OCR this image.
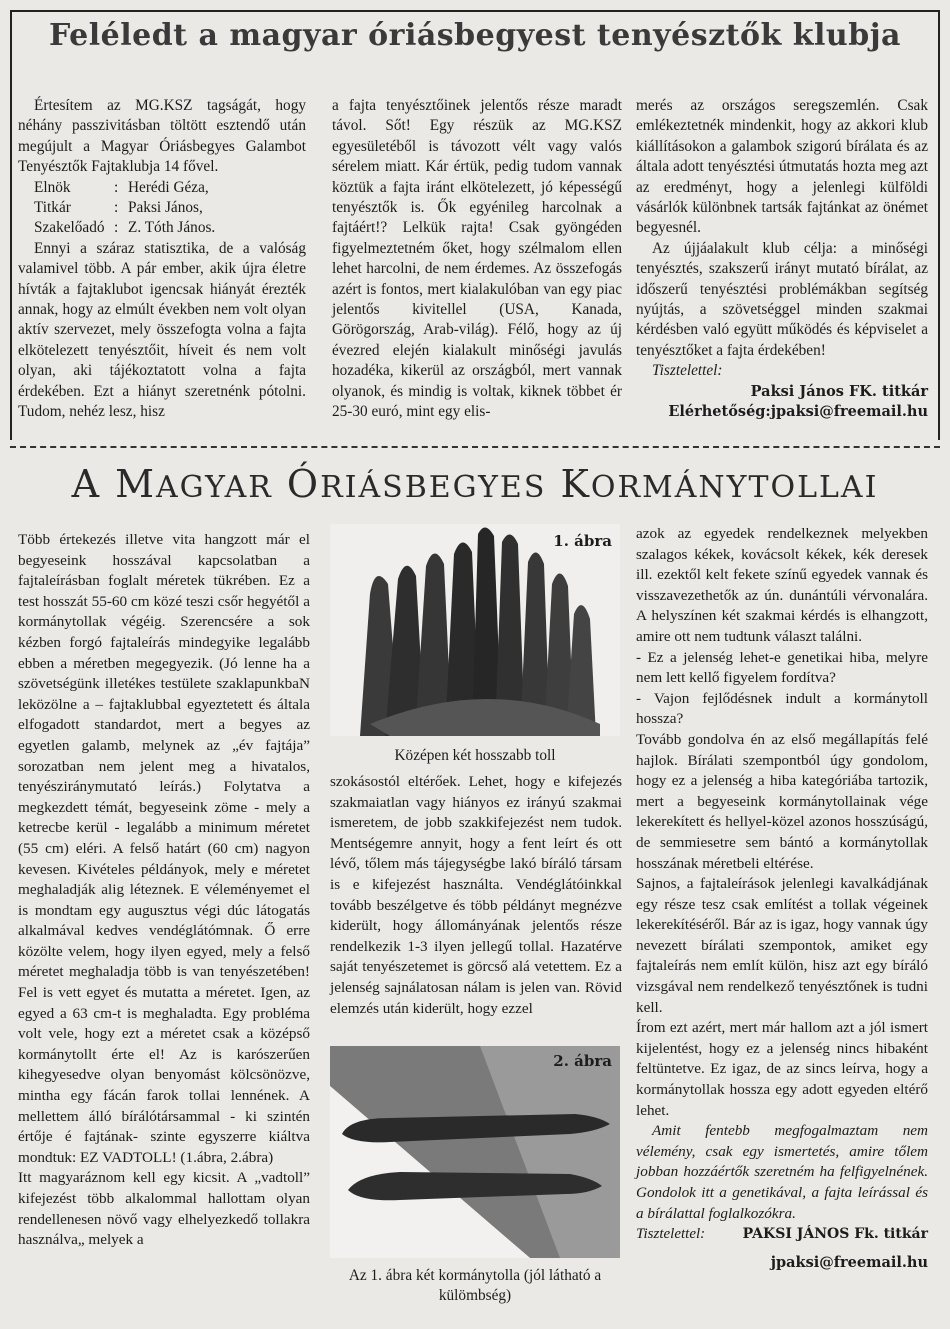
Feléledt a magyar óriásbegyest tenyésztők klubja

Értesítem az MG.KSZ tagságát, hogy néhány passzivitásban töltött esztendő után megújult a Magyar Óriásbegyes Galambot Tenyésztők Fajtaklubja 14 fővel.

Elnök	: Herédi Géza,
Titkár	: Paksi János,
Szakelőadó : Z. Tóth János.

Ennyi a száraz statisztika, de a valóság valamivel több. A pár ember, akik újra életre hívták a fajtaklubot igencsak hiányát érezték annak, hogy az elmúlt években nem volt olyan aktív szervezet, mely összefogta volna a fajta elkötelezett tenyésztőit, híveit és nem volt olyan, aki tájékoztatott volna a fajta érdekében. Ezt a hiányt szeretnénk pótolni. Tudom, nehéz lesz, hisz

a fajta tenyésztőinek jelentős része maradt távol. Sőt! Egy részük az MG.KSZ egyesületéből is távozott vélt vagy valós sérelem miatt. Kár értük, pedig tudom vannak köztük a fajta iránt elkötelezett, jó képességű tenyésztők is. Ők egyénileg harcolnak a fajtáért!? Lelkük rajta! Csak gyöngéden figyelmeztetném őket, hogy szélmalom ellen lehet harcolni, de nem érdemes. Az összefogás azért is fontos, mert kialakulóban van egy piac jelentős kivitellel (USA, Kanada, Görögország, Arab-világ). Félő, hogy az új évezred elején kialakult minőségi javulás hozadéka, kikerül az országból, mert vannak olyanok, és mindig is voltak, kiknek többet ér 25-30 euró, mint egy elis-

merés az országos seregszemlén. Csak emlékeztetnék mindenkit, hogy az akkori klub kiállításokon a galambok szigorú bírálata és az általa adott tenyésztési útmutatás hozta meg azt az eredményt, hogy a jelenlegi külföldi vásárlók különbnek tartsák fajtánkat az önémet begyesnél.

Az újjáalakult klub célja: a minőségi tenyésztés, szakszerű irányt mutató bírálat, az időszerű tenyésztési problémákban segítség nyújtás, a szövetséggel minden szakmai kérdésben való együtt működés és képviselet a tenyésztőket a fajta érdekében!

Tisztelettel:

Paksi János FK. titkár

Elérhetőség:jpaksi@freemail.hu

A MAGYAR ÓRIÁSBEGYES KORMÁNYTOLLAI

Több értekezés illetve vita hangzott már el begyeseink hosszával kapcsolatban a fajtaleírásban foglalt méretek tükrében. Ez a test hosszát 55-60 cm közé teszi csőr hegyétől a kormánytollak végéig. Szerencsére a sok kézben forgó fajtaleírás mindegyike legalább ebben a méretben megegyezik. (Jó lenne ha a szövetségünk illetékes testülete szaklapunkbaN leközölne a – fajtaklubbal egyeztetett és általa elfogadott standardot, mert a begyes az egyetlen galamb, melynek az „év fajtája” sorozatban nem jelent meg a hivatalos, tenyésziránymutató leírás.) Folytatva a megkezdett témát, begyeseink zöme - mely a ketrecbe kerül - legalább a minimum méretet (55 cm) eléri. A felső határt (60 cm) nagyon kevesen. Kivételes példányok, mely e méretet meghaladják alig léteznek. E véleményemet el is mondtam egy augusztus végi dúc látogatás alkalmával kedves vendéglátómnak. Ő erre közölte velem, hogy ilyen egyed, mely a felső méretet meghaladja több is van tenyészetében! Fel is vett egyet és mutatta a méretet. Igen, az egyed a 63 cm-t is meghaladta. Egy probléma volt vele, hogy ezt a méretet csak a középső kormánytollt érte el! Az is karószerűen kihegyesedve olyan benyomást kölcsönözve, mintha egy fácán farok tollai lennének. A mellettem álló bírálótársammal - ki szintén értője é fajtának- szinte egyszerre kiáltva mondtuk: EZ VADTOLL! (1.ábra, 2.ábra)

Itt magyaráznom kell egy kicsit. A „vadtoll” kifejezést több alkalommal hallottam olyan rendellenesen növő vagy elhelyezkedő tollakra használva„ melyek a

1. ábra
Középen két hosszabb toll

szokásostól eltérőek. Lehet, hogy e kifejezés szakmaiatlan vagy hiányos ez irányú szakmai ismeretem, de jobb szakkifejezést nem tudok. Mentségemre annyit, hogy a fent leírt és ott lévő, tőlem más tájegységbe lakó bíráló társam is e kifejezést használta. Vendéglátóinkkal tovább beszélgetve és több példányt megnézve kiderült, hogy állományának jelentős része rendelkezik 1-3 ilyen jellegű tollal. Hazatérve saját tenyészetemet is görcső alá vetettem. Ez a jelenség sajnálatosan nálam is jelen van. Rövid elemzés után kiderült, hogy ezzel

2. ábra
Az 1. ábra két kormánytolla (jól látható a külömbség)

azok az egyedek rendelkeznek melyekben szalagos kékek, kovácsolt kékek, kék deresek ill. ezektől kelt fekete színű egyedek vannak és visszavezethetők az ún. dunántúli vérvonalára. A helyszínen két szakmai kérdés is elhangzott, amire ott nem tudtunk választ találni.

- Ez a jelenség lehet-e genetikai hiba, melyre nem lett kellő figyelem fordítva?

- Vajon fejlődésnek indult a kormánytoll hossza?

Tovább gondolva én az első megállapítás felé hajlok. Bírálati szempontból úgy gondolom, hogy ez a jelenség a hiba kategóriába tartozik, mert a begyeseink kormánytollainak vége lekerekített és hellyel-közel azonos hosszúságú, de semmiesetre sem bántó a kormánytollak hosszának méretbeli eltérése.

Sajnos, a fajtaleírások jelenlegi kavalkádjának egy része tesz csak említést a tollak végeinek lekerekítéséről. Bár az is igaz, hogy vannak úgy nevezett bírálati szempontok, amiket egy fajtaleírás nem említ külön, hisz azt egy bíráló vizsgával nem rendelkező tenyésztőnek is tudni kell.

Írom ezt azért, mert már hallom azt a jól ismert kijelentést, hogy ez a jelenség nincs hibaként feltüntetve. Ez igaz, de az sincs leírva, hogy a kormánytollak hossza egy adott egyeden eltérő lehet.

Amit fentebb megfogalmaztam nem vélemény, csak egy ismertetés, amire tőlem jobban hozzáértők szeretném ha felfigyelnének. Gondolok itt a genetikával, a fajta leírással és a bírálattal foglalkozókra.

Tisztelettel:	PAKSI JÁNOS Fk. titkár

jpaksi@freemail.hu
